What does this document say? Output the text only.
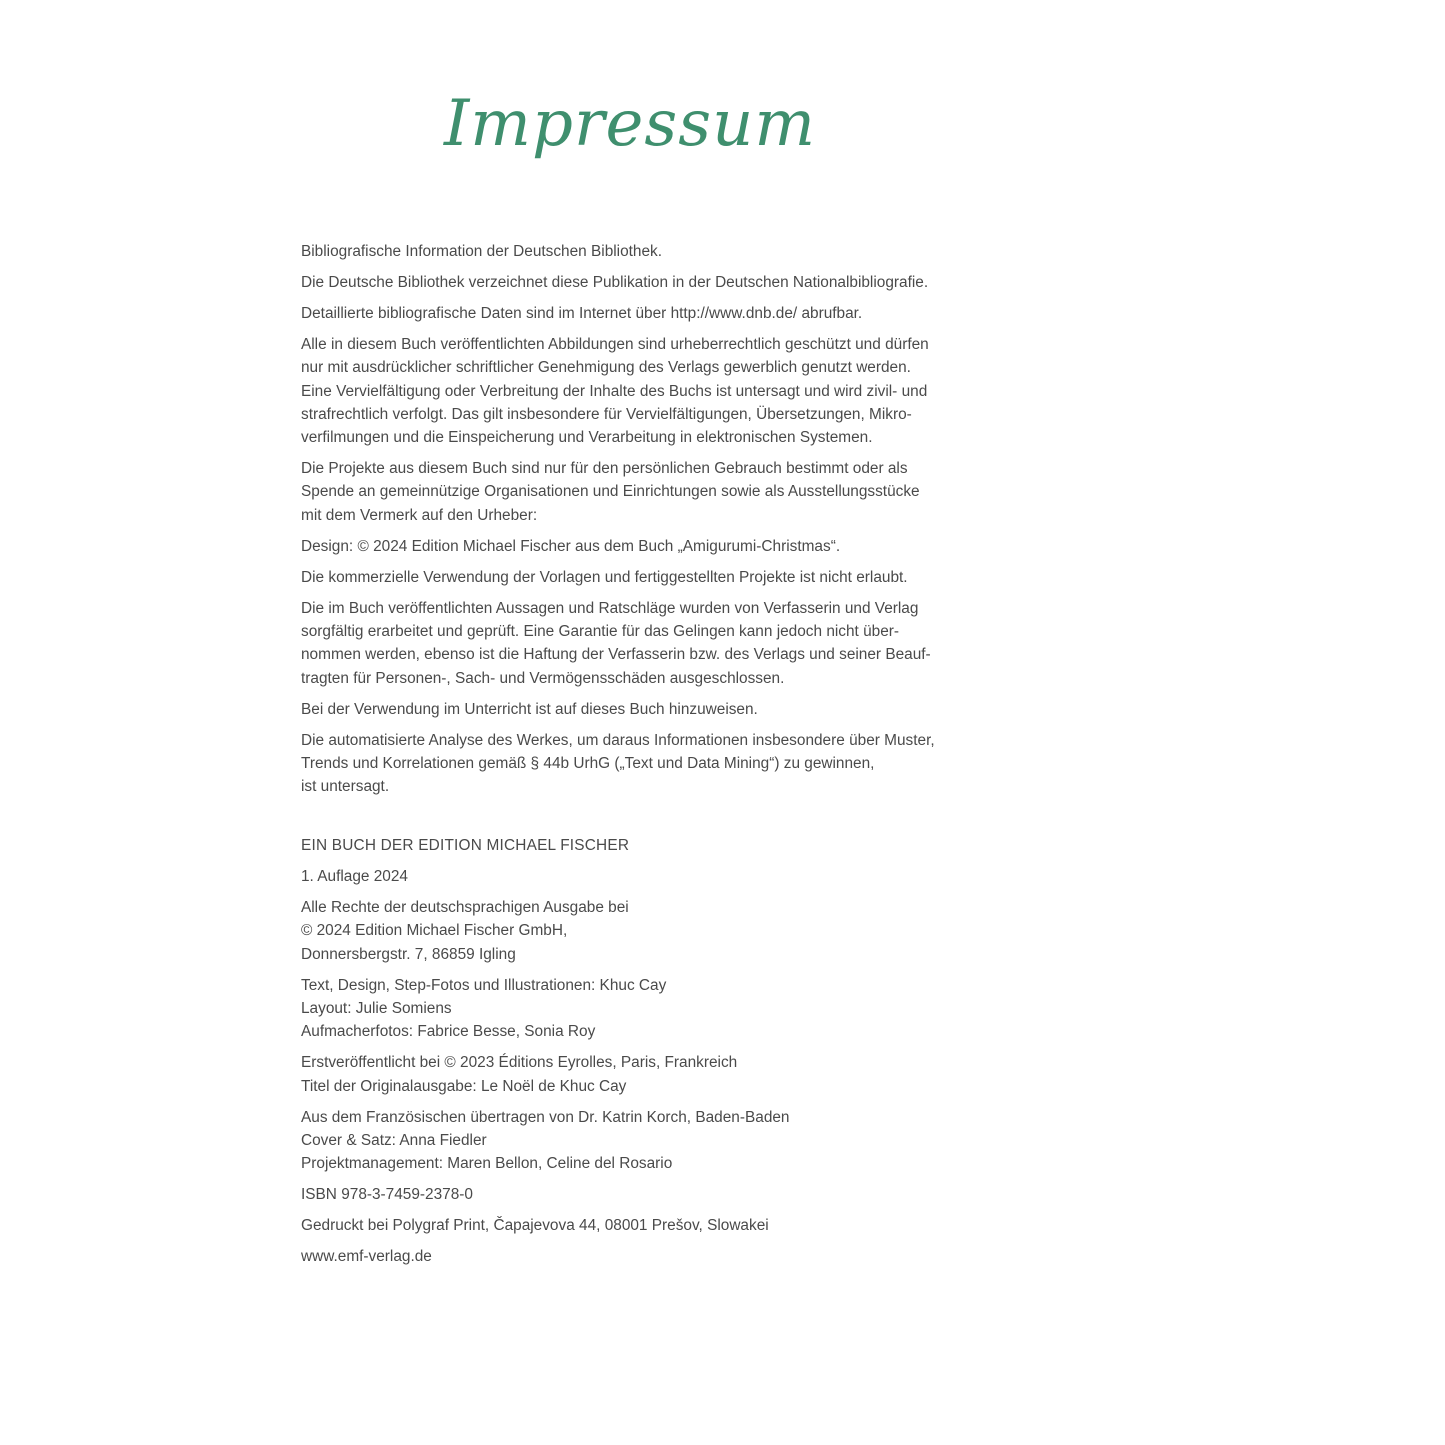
Impressum

Bibliografische Information der Deutschen Bibliothek.

Die Deutsche Bibliothek verzeichnet diese Publikation in der Deutschen Nationalbibliografie.

Detaillierte bibliografische Daten sind im Internet über http://www.dnb.de/ abrufbar.

Alle in diesem Buch veröffentlichten Abbildungen sind urheberrechtlich geschützt und dürfen
nur mit ausdrücklicher schriftlicher Genehmigung des Verlags gewerblich genutzt werden.
Eine Vervielfältigung oder Verbreitung der Inhalte des Buchs ist untersagt und wird zivil- und
strafrechtlich verfolgt. Das gilt insbesondere für Vervielfältigungen, Übersetzungen, Mikro-
verfilmungen und die Einspeicherung und Verarbeitung in elektronischen Systemen.

Die Projekte aus diesem Buch sind nur für den persönlichen Gebrauch bestimmt oder als
Spende an gemeinnützige Organisationen und Einrichtungen sowie als Ausstellungsstücke
mit dem Vermerk auf den Urheber:

Design: © 2024 Edition Michael Fischer aus dem Buch „Amigurumi-Christmas“.

Die kommerzielle Verwendung der Vorlagen und fertiggestellten Projekte ist nicht erlaubt.

Die im Buch veröffentlichten Aussagen und Ratschläge wurden von Verfasserin und Verlag
sorgfältig erarbeitet und geprüft. Eine Garantie für das Gelingen kann jedoch nicht über-
nommen werden, ebenso ist die Haftung der Verfasserin bzw. des Verlags und seiner Beauf-
tragten für Personen-, Sach- und Vermögensschäden ausgeschlossen.

Bei der Verwendung im Unterricht ist auf dieses Buch hinzuweisen.

Die automatisierte Analyse des Werkes, um daraus Informationen insbesondere über Muster,
Trends und Korrelationen gemäß § 44b UrhG („Text und Data Mining“) zu gewinnen,
ist untersagt.

EIN BUCH DER EDITION MICHAEL FISCHER

1. Auflage 2024

Alle Rechte der deutschsprachigen Ausgabe bei
© 2024 Edition Michael Fischer GmbH,
Donnersbergstr. 7, 86859 Igling
Text, Design, Step-Fotos und Illustrationen: Khuc Cay
Layout: Julie Somiens
Aufmacherfotos: Fabrice Besse, Sonia Roy
Erstveröffentlicht bei © 2023 Éditions Eyrolles, Paris, Frankreich
Titel der Originalausgabe: Le Noël de Khuc Cay
Aus dem Französischen übertragen von Dr. Katrin Korch, Baden-Baden
Cover & Satz: Anna Fiedler
Projektmanagement: Maren Bellon, Celine del Rosario

ISBN 978-3-7459-2378-0

Gedruckt bei Polygraf Print, Čapajevova 44, 08001 Prešov, Slowakei

www.emf-verlag.de
